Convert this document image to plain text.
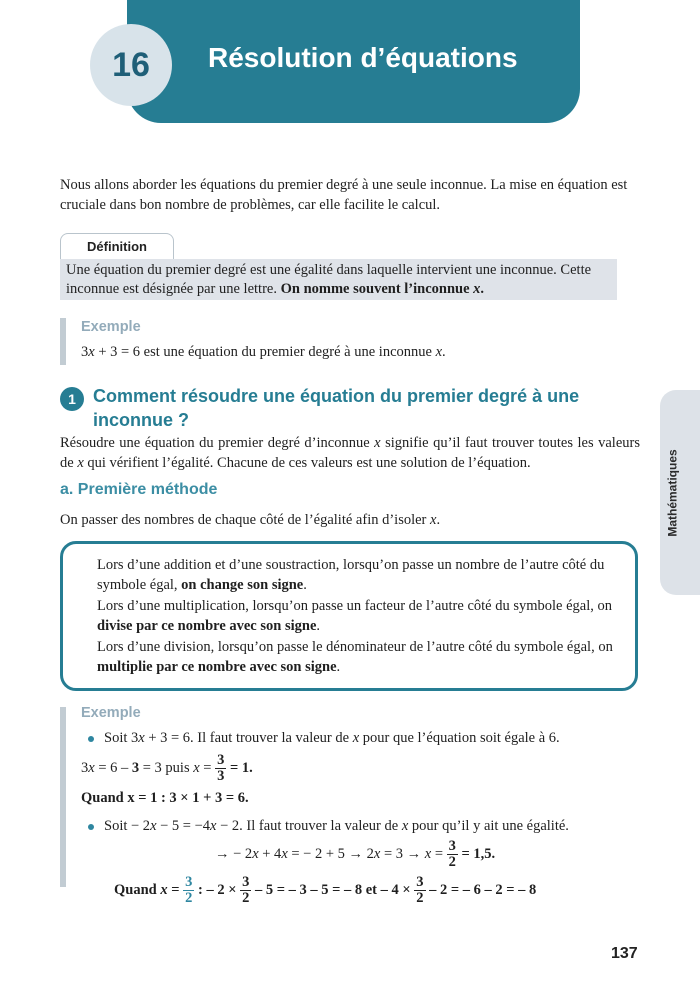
16	Résolution d’équations
Mathématiques

Nous allons aborder les équations du premier degré à une seule inconnue. La mise en équation est cruciale dans bon nombre de problèmes, car elle facilite le calcul.

Définition
Une équation du premier degré est une égalité dans laquelle intervient une inconnue. Cette inconnue est désignée par une lettre. On nomme souvent l’inconnue x.
Exemple

3x + 3 = 6 est une équation du premier degré à une inconnue x.

1 Comment résoudre une équation du premier degré à une inconnue ?

Résoudre une équation du premier degré d’inconnue x signifie qu’il faut trouver toutes les valeurs de x qui vérifient l’égalité. Chacune de ces valeurs est une solution de l’équation.

a. Première méthode

On passer des nombres de chaque côté de l’égalité afin d’isoler x.

Lors d’une addition et d’une soustraction, lorsqu’on passe un nombre de l’autre côté du symbole égal, on change son signe.

Lors d’une multiplication, lorsqu’on passe un facteur de l’autre côté du symbole égal, on divise par ce nombre avec son signe.

Lors d’une division, lorsqu’on passe le dénominateur de l’autre côté du symbole égal, on multiplie par ce nombre avec son signe.

Exemple

Soit 3x + 3 = 6. Il faut trouver la valeur de x pour que l’équation soit égale à 6.

3x = 6 – 3 = 3 puis $x = \frac{3}{3} = 1$.

Quand x = 1 : 3 × 1 + 3 = 6.

Soit − 2x − 5 = −4x − 2. Il faut trouver la valeur de x pour qu’il y ait une égalité.

→ − 2x + 4x = − $2 + 5 \to 2x = 3 \to x = \frac{3}{2} = 1,5$.

Quand $x = \frac{3}{2}$ : – $2 \times \frac{3}{2} - 5$ = – 3 – 5 = – 8 et – $4 \times \frac{3}{2} - 2$ = – 6 – 2 = – 8

137
